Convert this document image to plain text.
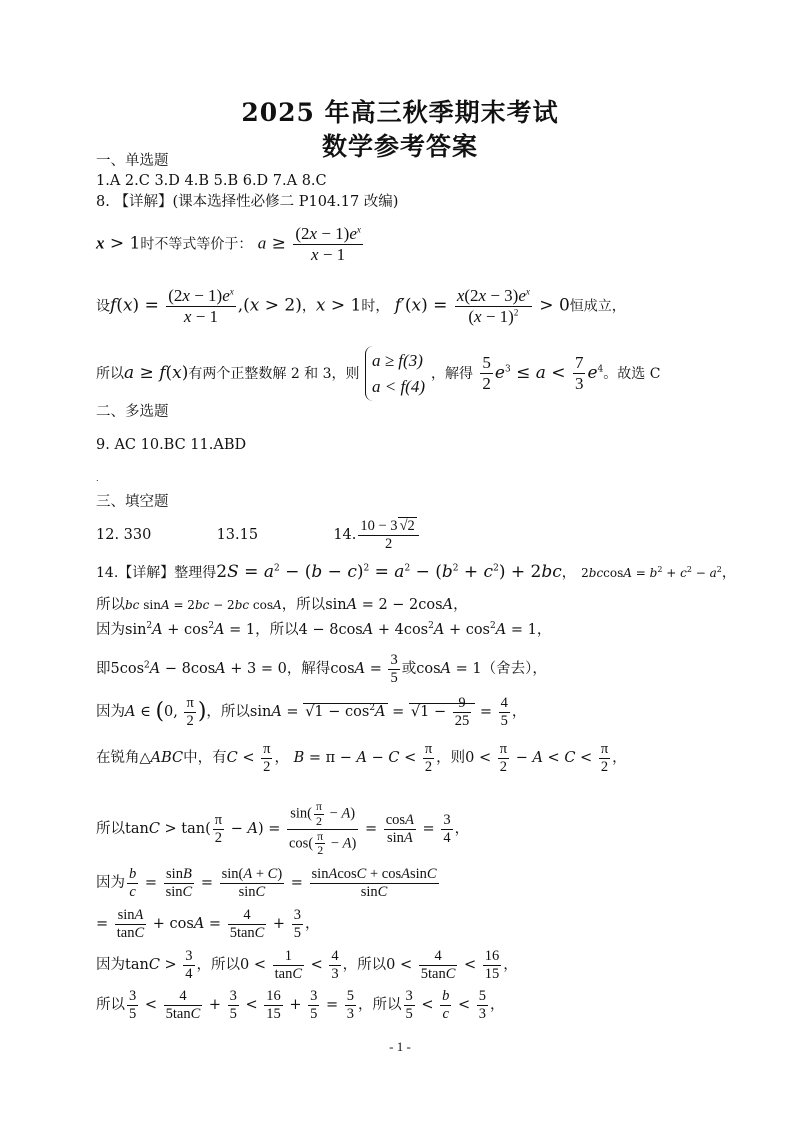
2025 年高三秋季期末考试
数学参考答案
一、单选题
1.A 2.C 3.D 4.B 5.B 6.D 7.A 8.C
8. 【详解】(课本选择性必修二 P104.17 改编)
x > 1时不等式等价于： $a \ge \frac{(2x - 1)e^x}{x - 1}$
设$f(x) = \frac{(2x - 1)e^x}{x - 1} ,(x > 2)$，x > 1时， $f'(x) = \frac{x(2x - 3)e^x}{(x - 1)^2} > 0$恒成立，
所以a ≥ f(x)有两个正整数解 2 和 3，则
a ≥ f(3)
a < f(4)
，解得 $\frac{5}{2} e^3 \le a < \frac{7}{3} e^4$。故选 C
二、多选题
9. AC 10.BC 11.ABD
.
三、填空题
12. 330	13.15	14. $\frac{10 - 3 √2}{2}$
14.【详解】整理得$2S = a^2 - (b - c)^2 = a^2 - (b^2 + c^2) + 2bc$， $2bccosA = b^2 + c^2 - a^2$，
所以bc sinA = 2bc − 2bc cosA，所以sinA = 2 − 2cosA，
因为$\sin^2A + \cos^2A = 1$，所以$4 - 8\cos A + 4\cos^2A + \cos^2A = 1$，
即$5\cos^2A - 8\cos A + 3 = 0$，解得$\cos A = \frac{3}{5}$ 或cosA = 1（舍去），
因为A ∈ (0, $\frac{\pi}{2}$ )，所以$\sin A = √1 - \cos^2A = √1 - \frac{9}{25} = \frac{4}{5}$ ，
在锐角△ABC中，有$C < \frac{\pi}{2}$ ， $B = \pi - A - C < \frac{\pi}{2}$ ，则$0 < \frac{\pi}{2} - A < C < \frac{\pi}{2}$ ，
所以$\tan C > \tan( \frac{\pi}{2} - A) = \frac{\sin( \frac{\pi}{2} - A)}{\cos( \frac{\pi}{2} - A)} = \frac{\cos A}{\sin A} = \frac{3}{4}$ ，
因为 $\frac{b}{c} = \frac{\sin B}{\sin C} = \frac{\sin(A + C)}{\sin C} = \frac{\text{sinAcosC + cosAsinC}}{\sin C}$
= $\frac{\sin A}{\tan C} + \cos A = \frac{4}{5\tan C} + \frac{3}{5}$ ，
因为$\tan C > \frac{3}{4}$ ，所以$0 < \frac{1}{\tan C} < \frac{4}{3}$ ，所以$0 < \frac{4}{5\tan C} < \frac{16}{15}$ ，
所以 $\frac{3}{5} < \frac{4}{5\tan C} + \frac{3}{5} < \frac{16}{15} + \frac{3}{5} = \frac{5}{3}$ ，所以 $\frac{3}{5} < \frac{b}{c} < \frac{5}{3}$ ，
- 1 -
